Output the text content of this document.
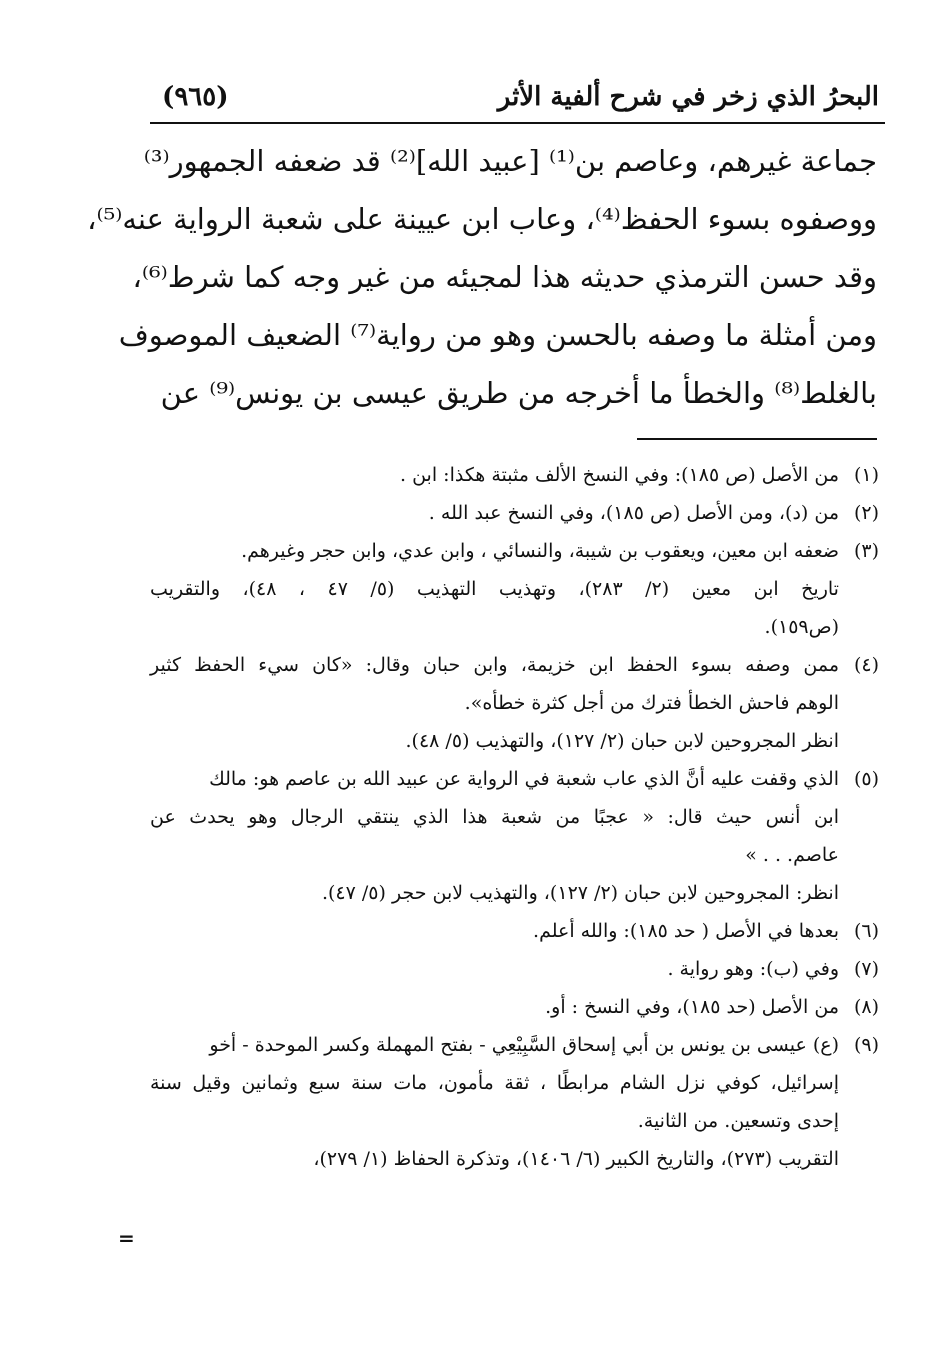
البحرُ الذي زخر في شرح ألفية الأثر
(٩٦٥)
جماعة غيرهم، وعاصم بن⁽¹⁾ [عبيد الله]⁽²⁾ قد ضعفه الجمهور⁽³⁾
ووصفوه بسوء الحفظ⁽⁴⁾، وعاب ابن عيينة على شعبة الرواية عنه⁽⁵⁾،
وقد حسن الترمذي حديثه هذا لمجيئه من غير وجه كما شرط⁽⁶⁾،
ومن أمثلة ما وصفه بالحسن وهو من رواية⁽⁷⁾ الضعيف الموصوف
بالغلط⁽⁸⁾ والخطأ ما أخرجه من طريق عيسى بن يونس⁽⁹⁾ عن
(١)
من الأصل (ص ١٨٥): وفي النسخ الألف مثبتة هكذا: ابن .
(٢)
من (د)، ومن الأصل (ص ١٨٥)، وفي النسخ عبد الله .
(٣)
ضعفه ابن معين، ويعقوب بن شيبة، والنسائي ، وابن عدي، وابن حجر وغيرهم.
تاريخ ابن معين (٢/ ٢٨٣)، وتهذيب التهذيب (٥/ ٤٧ ، ٤٨)، والتقريب
(ص١٥٩).
(٤)
ممن وصفه بسوء الحفظ ابن خزيمة، وابن حبان وقال: «كان سيء الحفظ كثير
الوهم فاحش الخطأ فترك من أجل كثرة خطأه».
انظر المجروحين لابن حبان (٢/ ١٢٧)، والتهذيب (٥/ ٤٨).
(٥)
الذي وقفت عليه أنَّ الذي عاب شعبة في الرواية عن عبيد الله بن عاصم هو: مالك
ابن أنس حيث قال: « عجبًا من شعبة هذا الذي ينتقي الرجال وهو يحدث عن
عاصم. . . »
انظر: المجروحين لابن حبان (٢/ ١٢٧)، والتهذيب لابن حجر (٥/ ٤٧).
(٦)
بعدها في الأصل ( حد ١٨٥): والله أعلم.
(٧)
وفي (ب): وهو رواية .
(٨)
من الأصل (حد ١٨٥)، وفي النسخ : أو.
(٩)
(ع) عيسى بن يونس بن أبي إسحاق السَّبِيْعِي - بفتح المهملة وكسر الموحدة - أخو
إسرائيل، كوفي نزل الشام مرابطًا ، ثقة مأمون، مات سنة سبع وثمانين وقيل سنة
إحدى وتسعين. من الثانية.
التقريب (٢٧٣)، والتاريخ الكبير (٦/ ١٤٠٦)، وتذكرة الحفاظ (١/ ٢٧٩)،
=
